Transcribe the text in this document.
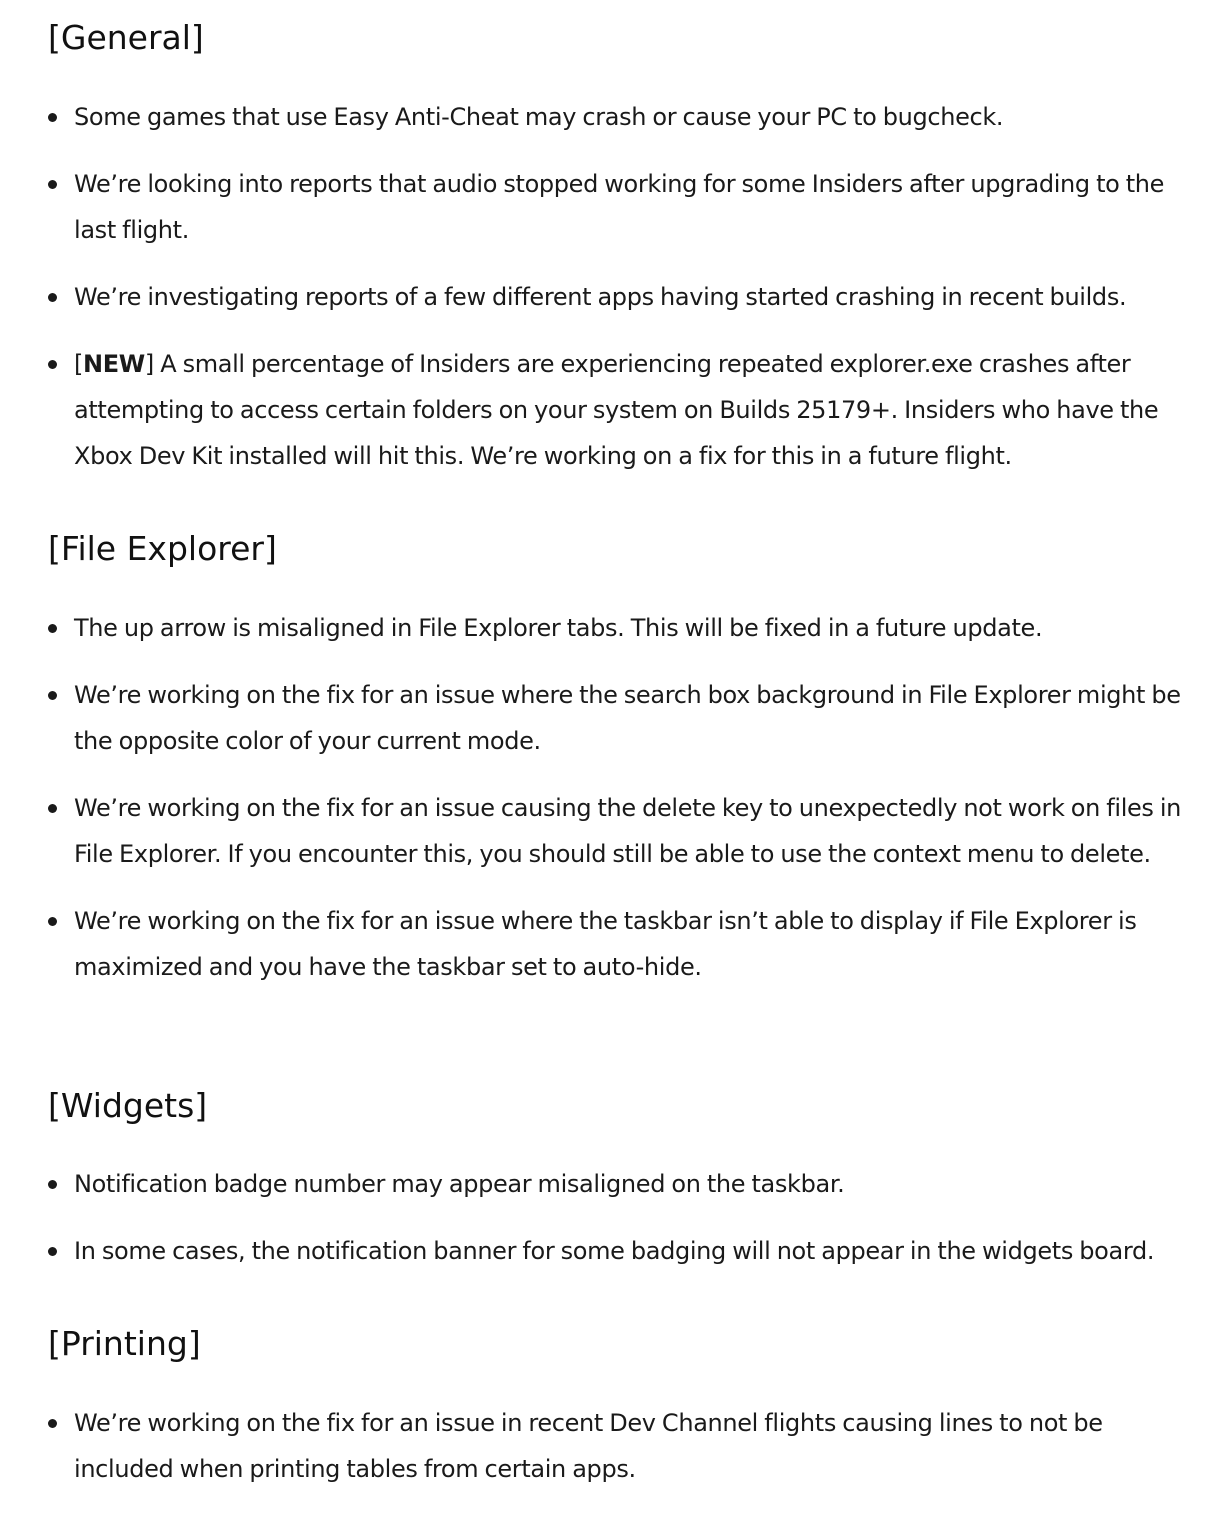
[General]
Some games that use Easy Anti-Cheat may crash or cause your PC to bugcheck.
We’re looking into reports that audio stopped working for some Insiders after upgrading to the last flight.
We’re investigating reports of a few different apps having started crashing in recent builds.
[NEW] A small percentage of Insiders are experiencing repeated explorer.exe crashes after attempting to access certain folders on your system on Builds 25179+. Insiders who have the Xbox Dev Kit installed will hit this. We’re working on a fix for this in a future flight.
[File Explorer]
The up arrow is misaligned in File Explorer tabs. This will be fixed in a future update.
We’re working on the fix for an issue where the search box background in File Explorer might be the opposite color of your current mode.
We’re working on the fix for an issue causing the delete key to unexpectedly not work on files in File Explorer. If you encounter this, you should still be able to use the context menu to delete.
We’re working on the fix for an issue where the taskbar isn’t able to display if File Explorer is maximized and you have the taskbar set to auto-hide.
[Widgets]
Notification badge number may appear misaligned on the taskbar.
In some cases, the notification banner for some badging will not appear in the widgets board.
[Printing]
We’re working on the fix for an issue in recent Dev Channel flights causing lines to not be included when printing tables from certain apps.
